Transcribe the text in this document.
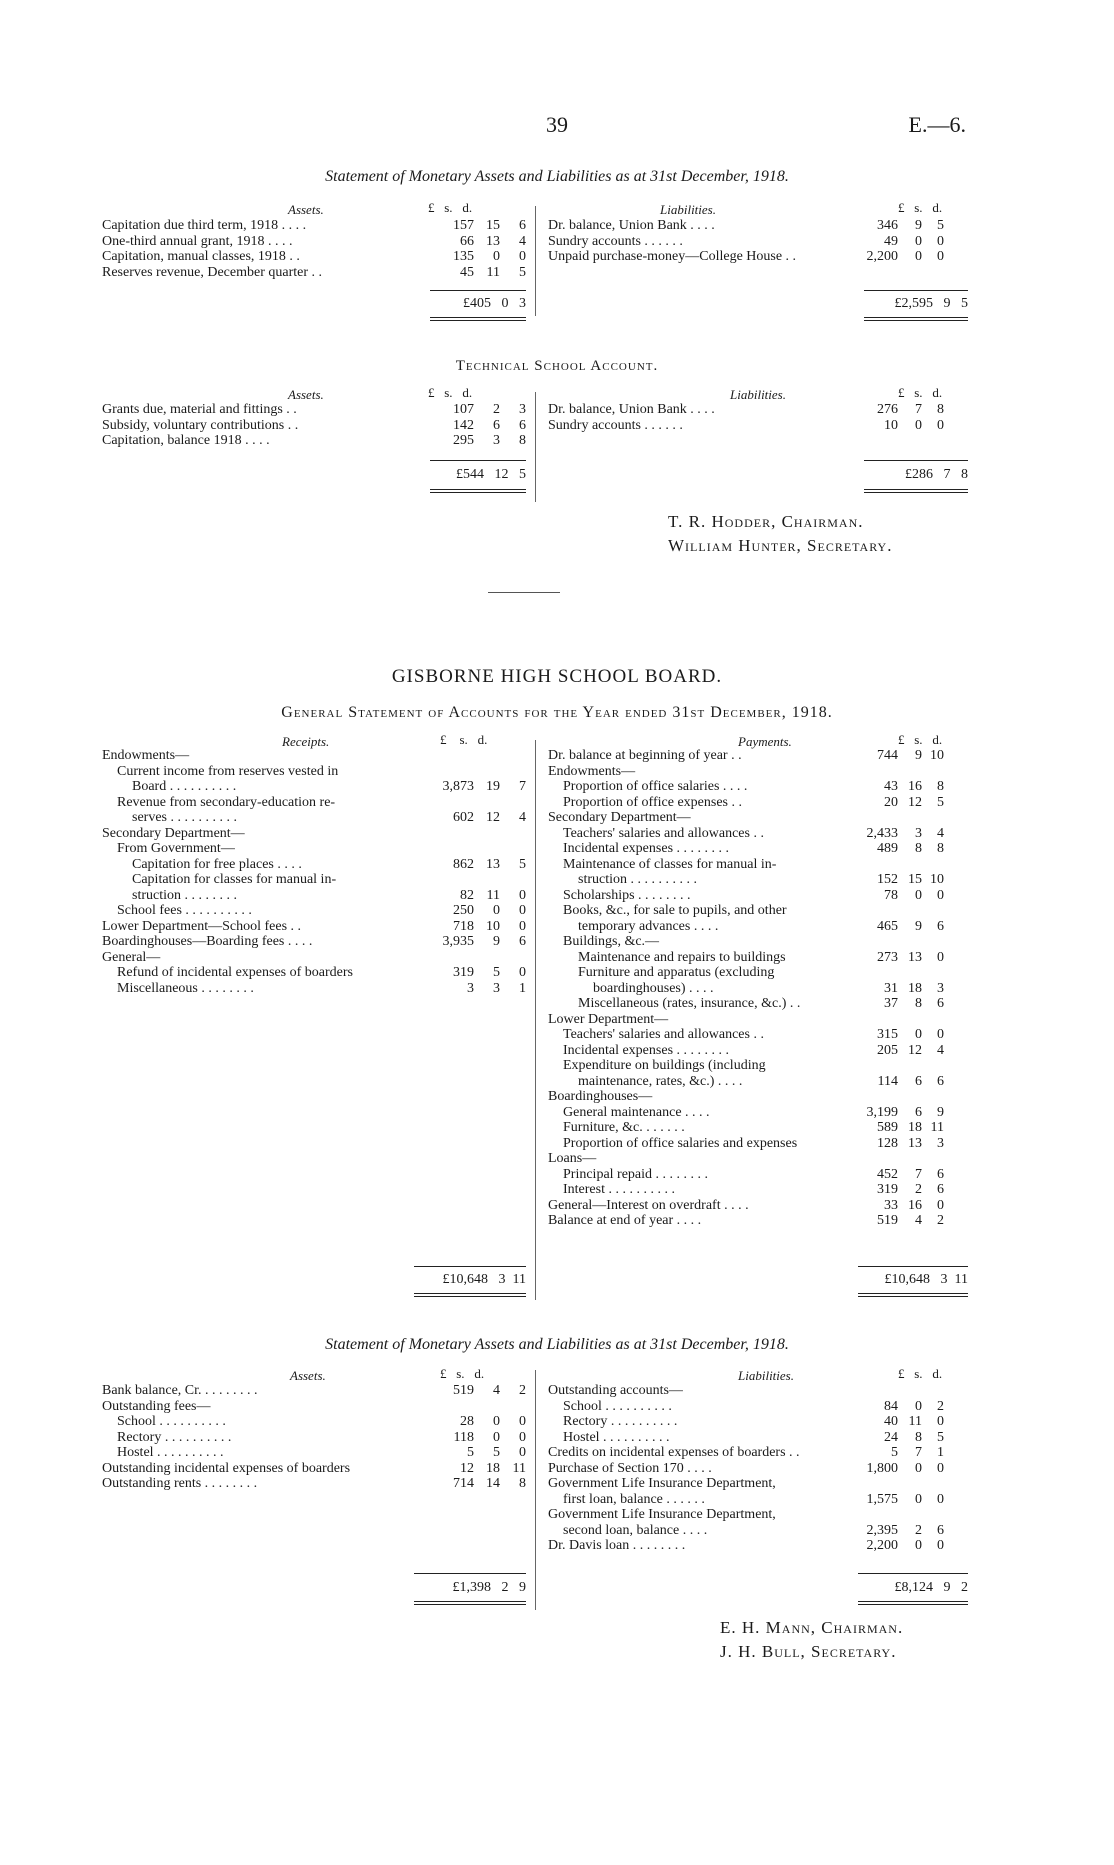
39	E.—6.
Statement of Monetary Assets and Liabilities as at 31st December, 1918.
Assets.	£ s. d.	Liabilities.	£ s. d.
Capitation due third term, 1918 . . . .	157	15	6
One-third annual grant, 1918 . . . .	66	13	4
Capitation, manual classes, 1918 . .	135	0	0
Reserves revenue, December quarter . .	45	11	5
Dr. balance, Union Bank . . . .	346	9	5
Sundry accounts . . . . . .	49	0	0
Unpaid purchase-money—College House . .	2,200	0	0
£405 0 3	£2,595 9 5
Technical School Account.
Assets.	£ s. d.	Liabilities.	£ s. d.
Grants due, material and fittings . .	107	2	3
Subsidy, voluntary contributions . .	142	6	6
Capitation, balance 1918 . . . .	295	3	8
Dr. balance, Union Bank . . . .	276	7	8
Sundry accounts . . . . . .	10	0	0
£544 12 5	£286 7 8
T. R. Hodder, Chairman.
William Hunter, Secretary.
GISBORNE HIGH SCHOOL BOARD.
General Statement of Accounts for the Year ended 31st December, 1918.
Receipts.	£ s. d.	Payments.	£ s. d.
Endowments—			
Current income from reserves vested in			
Board . . . . . . . . . .	3,873	19	7
Revenue from secondary-education re-			
serves . . . . . . . . . .	602	12	4
Secondary Department—			
From Government—			
Capitation for free places . . . .	862	13	5
Capitation for classes for manual in-			
struction . . . . . . . .	82	11	0
School fees . . . . . . . . . .	250	0	0
Lower Department—School fees . .	718	10	0
Boardinghouses—Boarding fees . . . .	3,935	9	6
General—			
Refund of incidental expenses of boarders	319	5	0
Miscellaneous . . . . . . . .	3	3	1
Dr. balance at beginning of year . .	744	9	10
Endowments—			
Proportion of office salaries . . . .	43	16	8
Proportion of office expenses . .	20	12	5
Secondary Department—			
Teachers' salaries and allowances . .	2,433	3	4
Incidental expenses . . . . . . . .	489	8	8
Maintenance of classes for manual in-			
struction . . . . . . . . . .	152	15	10
Scholarships . . . . . . . .	78	0	0
Books, &c., for sale to pupils, and other			
temporary advances . . . .	465	9	6
Buildings, &c.—			
Maintenance and repairs to buildings	273	13	0
Furniture and apparatus (excluding			
boardinghouses) . . . .	31	18	3
Miscellaneous (rates, insurance, &c.) . .	37	8	6
Lower Department—			
Teachers' salaries and allowances . .	315	0	0
Incidental expenses . . . . . . . .	205	12	4
Expenditure on buildings (including			
maintenance, rates, &c.) . . . .	114	6	6
Boardinghouses—			
General maintenance . . . .	3,199	6	9
Furniture, &c. . . . . . .	589	18	11
Proportion of office salaries and expenses	128	13	3
Loans—			
Principal repaid . . . . . . . .	452	7	6
Interest . . . . . . . . . .	319	2	6
General—Interest on overdraft . . . .	33	16	0
Balance at end of year . . . .	519	4	2
£10,648 3 11	£10,648 3 11
Statement of Monetary Assets and Liabilities as at 31st December, 1918.
Assets.	£ s. d.	Liabilities.	£ s. d.
Bank balance, Cr. . . . . . . . .	519	4	2
Outstanding fees—			
School . . . . . . . . . .	28	0	0
Rectory . . . . . . . . . .	118	0	0
Hostel . . . . . . . . . .	5	5	0
Outstanding incidental expenses of boarders	12	18	11
Outstanding rents . . . . . . . .	714	14	8
Outstanding accounts—			
School . . . . . . . . . .	84	0	2
Rectory . . . . . . . . . .	40	11	0
Hostel . . . . . . . . . .	24	8	5
Credits on incidental expenses of boarders . .	5	7	1
Purchase of Section 170 . . . .	1,800	0	0
Government Life Insurance Department,			
first loan, balance . . . . . .	1,575	0	0
Government Life Insurance Department,			
second loan, balance . . . .	2,395	2	6
Dr. Davis loan . . . . . . . .	2,200	0	0
£1,398 2 9	£8,124 9 2
E. H. Mann, Chairman.
J. H. Bull, Secretary.
